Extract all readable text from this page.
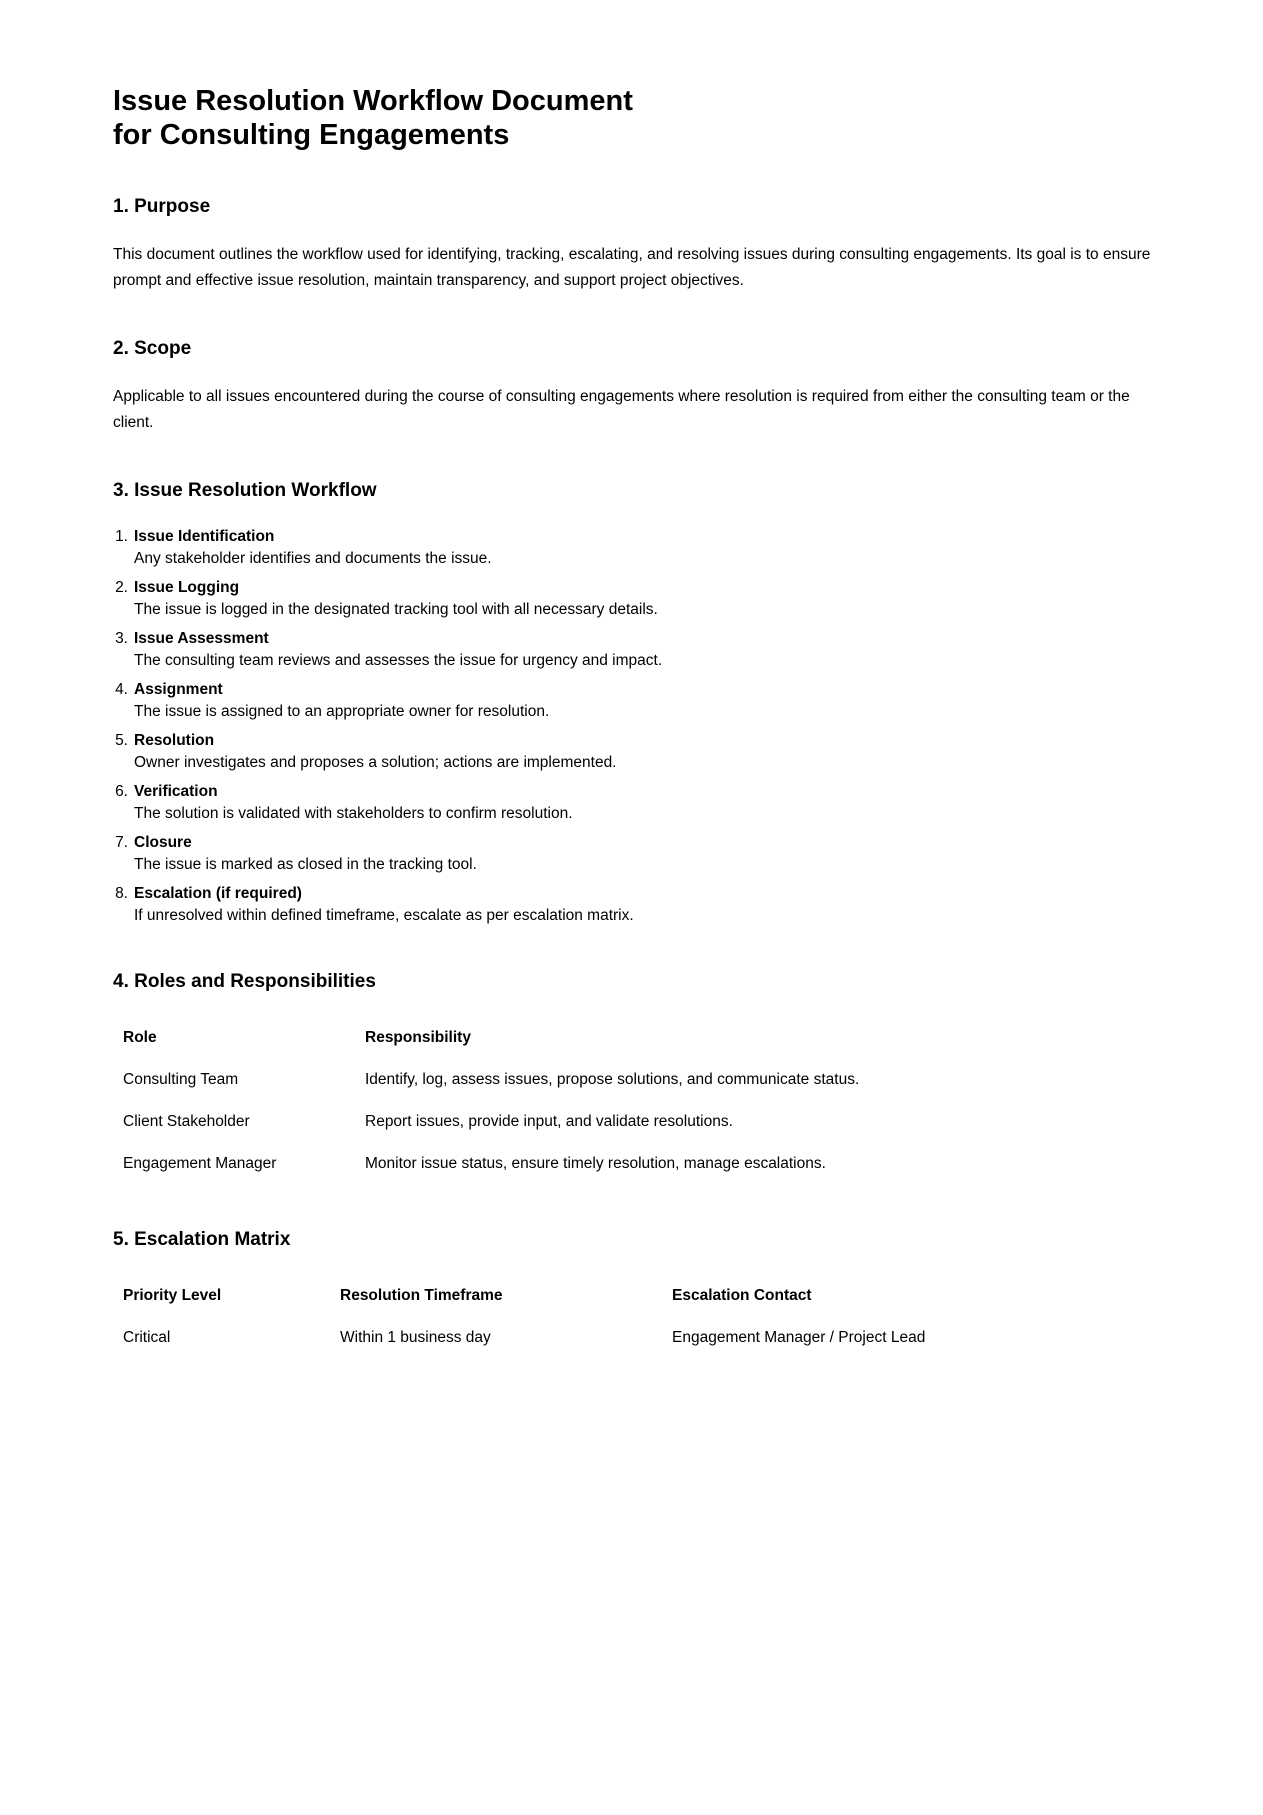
Issue Resolution Workflow Document
for Consulting Engagements
1. Purpose

This document outlines the workflow used for identifying, tracking, escalating, and resolving issues during consulting engagements. Its goal is to ensure prompt and effective issue resolution, maintain transparency, and support project objectives.

2. Scope

Applicable to all issues encountered during the course of consulting engagements where resolution is required from either the consulting team or the client.

3. Issue Resolution Workflow
1. Issue Identification
Any stakeholder identifies and documents the issue.
2. Issue Logging
The issue is logged in the designated tracking tool with all necessary details.
3. Issue Assessment
The consulting team reviews and assesses the issue for urgency and impact.
4. Assignment
The issue is assigned to an appropriate owner for resolution.
5. Resolution
Owner investigates and proposes a solution; actions are implemented.
6. Verification
The solution is validated with stakeholders to confirm resolution.
7. Closure
The issue is marked as closed in the tracking tool.
8. Escalation (if required)
If unresolved within defined timeframe, escalate as per escalation matrix.
4. Roles and Responsibilities
Role	Responsibility
Consulting Team	Identify, log, assess issues, propose solutions, and communicate status.
Client Stakeholder	Report issues, provide input, and validate resolutions.
Engagement Manager	Monitor issue status, ensure timely resolution, manage escalations.
5. Escalation Matrix
Priority Level	Resolution Timeframe	Escalation Contact
Critical	Within 1 business day	Engagement Manager / Project Lead
